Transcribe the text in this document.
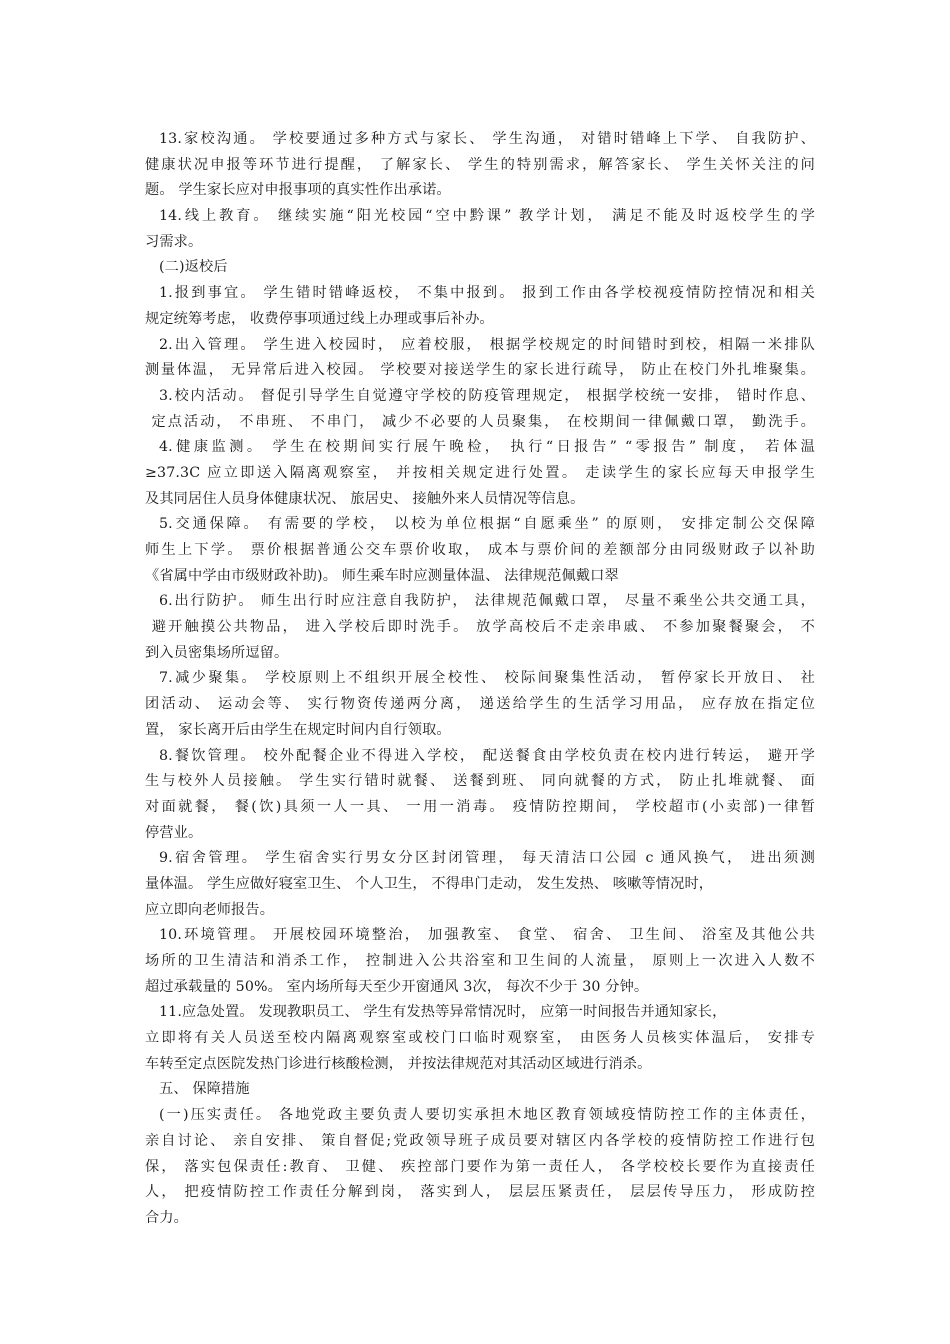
13.家校沟通。 学校要通过多种方式与家长、 学生沟通， 对错时错峰上下学、 自我防护、
健康状况申报等环节进行提醒， 了解家长、 学生的特别需求，解答家长、 学生关怀关注的问
题。 学生家长应对申报事项的真实性作出承诺。
14.线上教育。 继续实施“阳光校园“空中黔课” 教学计划， 满足不能及时返校学生的学
习需求。
(二)返校后
1.报到事宜。 学生错时错峰返校， 不集中报到。 报到工作由各学校视疫情防控情况和相关
规定统筹考虑， 收费停事项通过线上办理或事后补办。
2.出入管理。 学生进入校园时， 应着校服， 根据学校规定的时间错时到校，相隔一米排队
测量体温， 无异常后进入校园。 学校要对接送学生的家长进行疏导， 防止在校门外扎堆聚集。
3.校内活动。 督促引导学生自觉遵守学校的防疫管理规定， 根据学校统一安排， 错时作息、
定点活动， 不串班、 不串门， 减少不必要的人员聚集， 在校期间一律佩戴口罩， 勤洗手。
4.健康监测。 学生在校期间实行展午晚检， 执行“日报告” “零报告” 制度， 若体温
≥37.3C 应立即送入隔离观察室， 并按相关规定进行处置。 走读学生的家长应每天申报学生
及其同居住人员身体健康状况、 旅居史、 接触外来人员情况等信息。
5.交通保障。 有需要的学校， 以校为单位根据“自愿乘坐” 的原则， 安排定制公交保障
师生上下学。 票价根据普通公交车票价收取， 成本与票价间的差额部分由同级财政子以补助
《省属中学由市级财政补助)。 师生乘车时应测量体温、 法律规范佩戴口翠
6.出行防护。 师生出行时应注意自我防护， 法律规范佩戴口罩， 尽量不乘坐公共交通工具，
避开触摸公共物品， 进入学校后即时洗手。 放学高校后不走亲串戚、 不参加聚餐聚会， 不
到入员密集场所逗留。
7.减少聚集。 学校原则上不组织开展全校性、 校际间聚集性活动， 暂停家长开放日、 社
团活动、 运动会等、 实行物资传递两分离， 递送给学生的生活学习用品， 应存放在指定位
置， 家长离开后由学生在规定时间内自行领取。
8.餐饮管理。 校外配餐企业不得进入学校， 配送餐食由学校负责在校内进行转运， 避开学
生与校外人员接触。 学生实行错时就餐、 送餐到班、 同向就餐的方式， 防止扎堆就餐、 面
对面就餐， 餐(饮)具须一人一具、 一用一消毒。 疫情防控期间， 学校超市(小卖部)一律暂
停营业。
9.宿舍管理。 学生宿舍实行男女分区封闭管理， 每天清洁口公园 c 通风换气， 进出须测
量体温。 学生应做好寝室卫生、 个人卫生， 不得串门走动， 发生发热、 咳嗽等情况时，
应立即向老师报告。
10.环境管理。 开展校园环境整治， 加强教室、 食堂、 宿舍、 卫生间、 浴室及其他公共
场所的卫生清洁和消杀工作， 控制进入公共浴室和卫生间的人流量， 原则上一次进入人数不
超过承载量的 50%。 室内场所每天至少开窗通风 3次， 每次不少于 30 分钟。
11.应急处置。 发现教职员工、 学生有发热等异常情况时， 应第一时间报告并通知家长，
立即将有关人员送至校内隔离观察室或校门口临时观察室， 由医务人员核实体温后， 安排专
车转至定点医院发热门诊进行核酸检测， 并按法律规范对其活动区域进行消杀。
五、 保障措施
(一)压实责任。 各地党政主要负责人要切实承担木地区教育领域疫情防控工作的主体责任，
亲自讨论、 亲自安排、 策自督促;党政领导班子成员要对辖区内各学校的疫情防控工作进行包
保， 落实包保责任:教育、 卫健、 疾控部门要作为第一责任人， 各学校校长要作为直接责任
人， 把疫情防控工作责任分解到岗， 落实到人， 层层压紧责任， 层层传导压力， 形成防控
合力。
